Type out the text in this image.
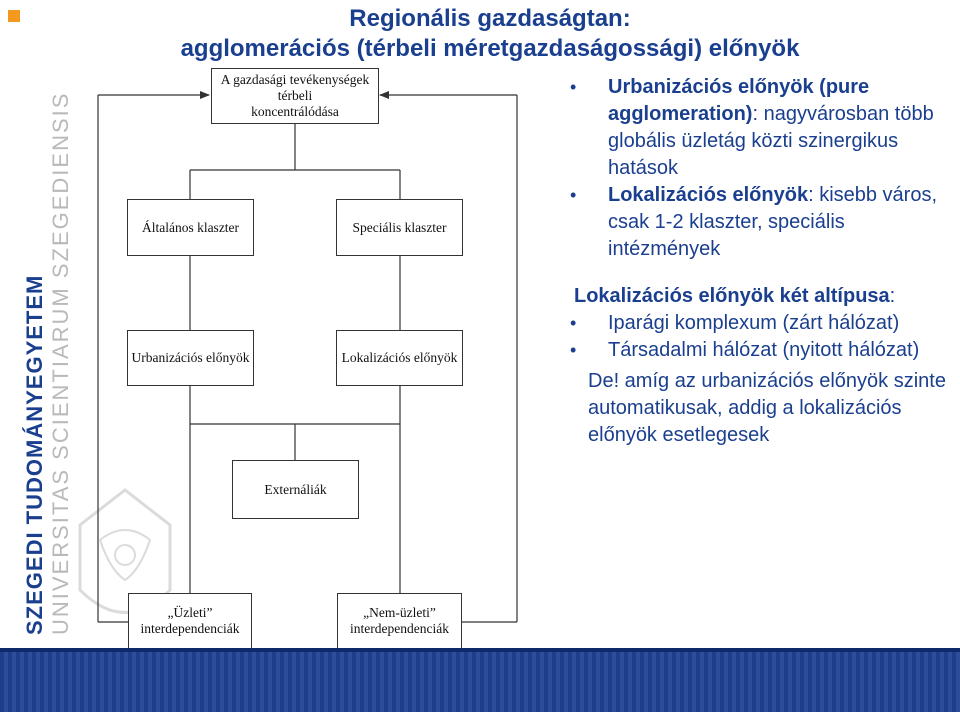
Regionális gazdaságtan:
agglomerációs (térbeli méretgazdaságossági) előnyök
SZEGEDI TUDOMÁNYEGYETEM UNIVERSITAS SCIENTIARUM SZEGEDIENSIS
A gazdasági tevékenységek térbeli
koncentrálódása
Általános klaszter	Speciális klaszter
Urbanizációs előnyök	Lokalizációs előnyök
Externáliák
„Üzleti”
interdependenciák
„Nem-üzleti”
interdependenciák
• Urbanizációs előnyök (pure agglomeration): nagyvárosban több globális üzletág közti szinergikus hatások
• Lokalizációs előnyök: kisebb város, csak 1-2 klaszter, speciális intézmények
Lokalizációs előnyök két altípusa:
• Iparági komplexum (zárt hálózat)
• Társadalmi hálózat (nyitott hálózat)
De! amíg az urbanizációs előnyök szinte automatikusak, addig a lokalizációs előnyök esetlegesek
